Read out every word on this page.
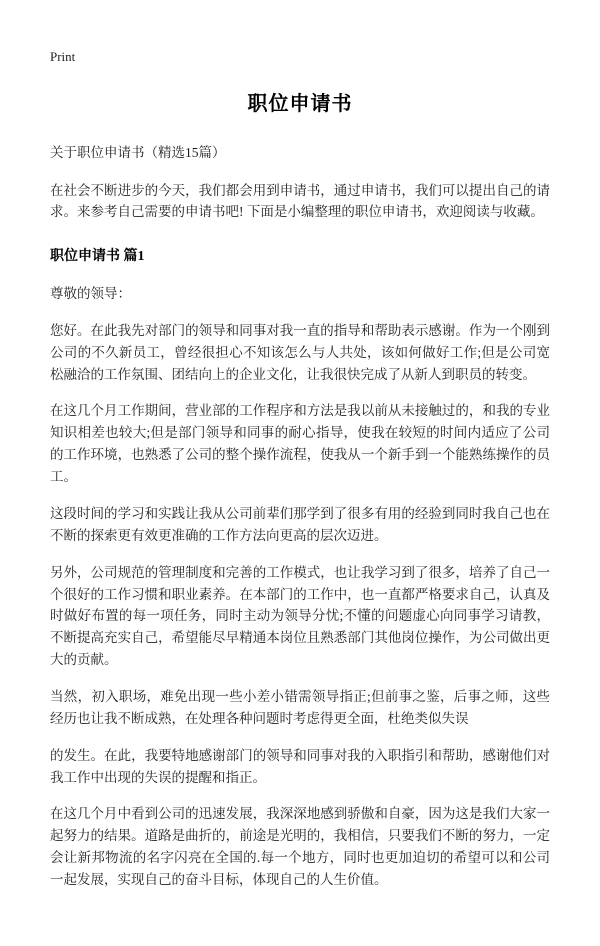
Print
职位申请书
关于职位申请书（精选15篇）

在社会不断进步的今天，我们都会用到申请书，通过申请书，我们可以提出自己的请求。来参考自己需要的申请书吧! 下面是小编整理的职位申请书，欢迎阅读与收藏。

职位申请书 篇1
尊敬的领导：

您好。在此我先对部门的领导和同事对我一直的指导和帮助表示感谢。作为一个刚到公司的不久新员工，曾经很担心不知该怎么与人共处，该如何做好工作;但是公司宽松融洽的工作氛围、团结向上的企业文化，让我很快完成了从新人到职员的转变。

在这几个月工作期间，营业部的工作程序和方法是我以前从未接触过的，和我的专业知识相差也较大;但是部门领导和同事的耐心指导，使我在较短的时间内适应了公司的工作环境，也熟悉了公司的整个操作流程，使我从一个新手到一个能熟练操作的员工。

这段时间的学习和实践让我从公司前辈们那学到了很多有用的经验到同时我自己也在不断的探索更有效更准确的工作方法向更高的层次迈进。

另外，公司规范的管理制度和完善的工作模式，也让我学习到了很多，培养了自己一个很好的工作习惯和职业素养。在本部门的工作中，也一直都严格要求自己，认真及时做好布置的每一项任务，同时主动为领导分忧;不懂的问题虚心向同事学习请教，不断提高充实自己，希望能尽早精通本岗位且熟悉部门其他岗位操作，为公司做出更大的贡献。

当然，初入职场，难免出现一些小差小错需领导指正;但前事之鉴，后事之师，这些经历也让我不断成熟，在处理各种问题时考虑得更全面，杜绝类似失误

的发生。在此，我要特地感谢部门的领导和同事对我的入职指引和帮助，感谢他们对我工作中出现的失误的提醒和指正。

在这几个月中看到公司的迅速发展，我深深地感到骄傲和自豪，因为这是我们大家一起努力的结果。道路是曲折的，前途是光明的，我相信，只要我们不断的努力，一定会让新邦物流的名字闪亮在全国的.每一个地方，同时也更加迫切的希望可以和公司一起发展，实现自己的奋斗目标，体现自己的人生价值。
